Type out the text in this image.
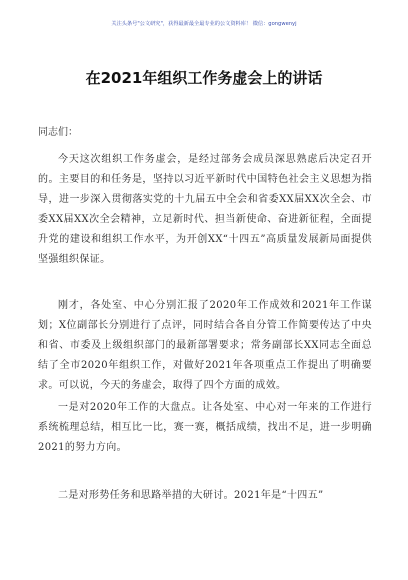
关注头条号"公文研究"，获得最新最全最专业的公文资料库！ 微信：gongwenyj
在2021年组织工作务虚会上的讲话
同志们：
今天这次组织工作务虚会，是经过部务会成员深思熟虑后决定召开的。主要目的和任务是，坚持以习近平新时代中国特色社会主义思想为指导，进一步深入贯彻落实党的十九届五中全会和省委XX届XX次全会、市委XX届XX次全会精神，立足新时代、担当新使命、奋进新征程，全面提升党的建设和组织工作水平，为开创XX“十四五”高质量发展新局面提供坚强组织保证。
刚才，各处室、中心分别汇报了2020年工作成效和2021年工作谋划；X位副部长分别进行了点评，同时结合各自分管工作简要传达了中央和省、市委及上级组织部门的最新部署要求；常务副部长XX同志全面总结了全市2020年组织工作，对做好2021年各项重点工作提出了明确要求。可以说，今天的务虚会，取得了四个方面的成效。
一是对2020年工作的大盘点。让各处室、中心对一年来的工作进行系统梳理总结，相互比一比，赛一赛，概括成绩，找出不足，进一步明确2021的努力方向。
二是对形势任务和思路举措的大研讨。2021年是“十四五”
